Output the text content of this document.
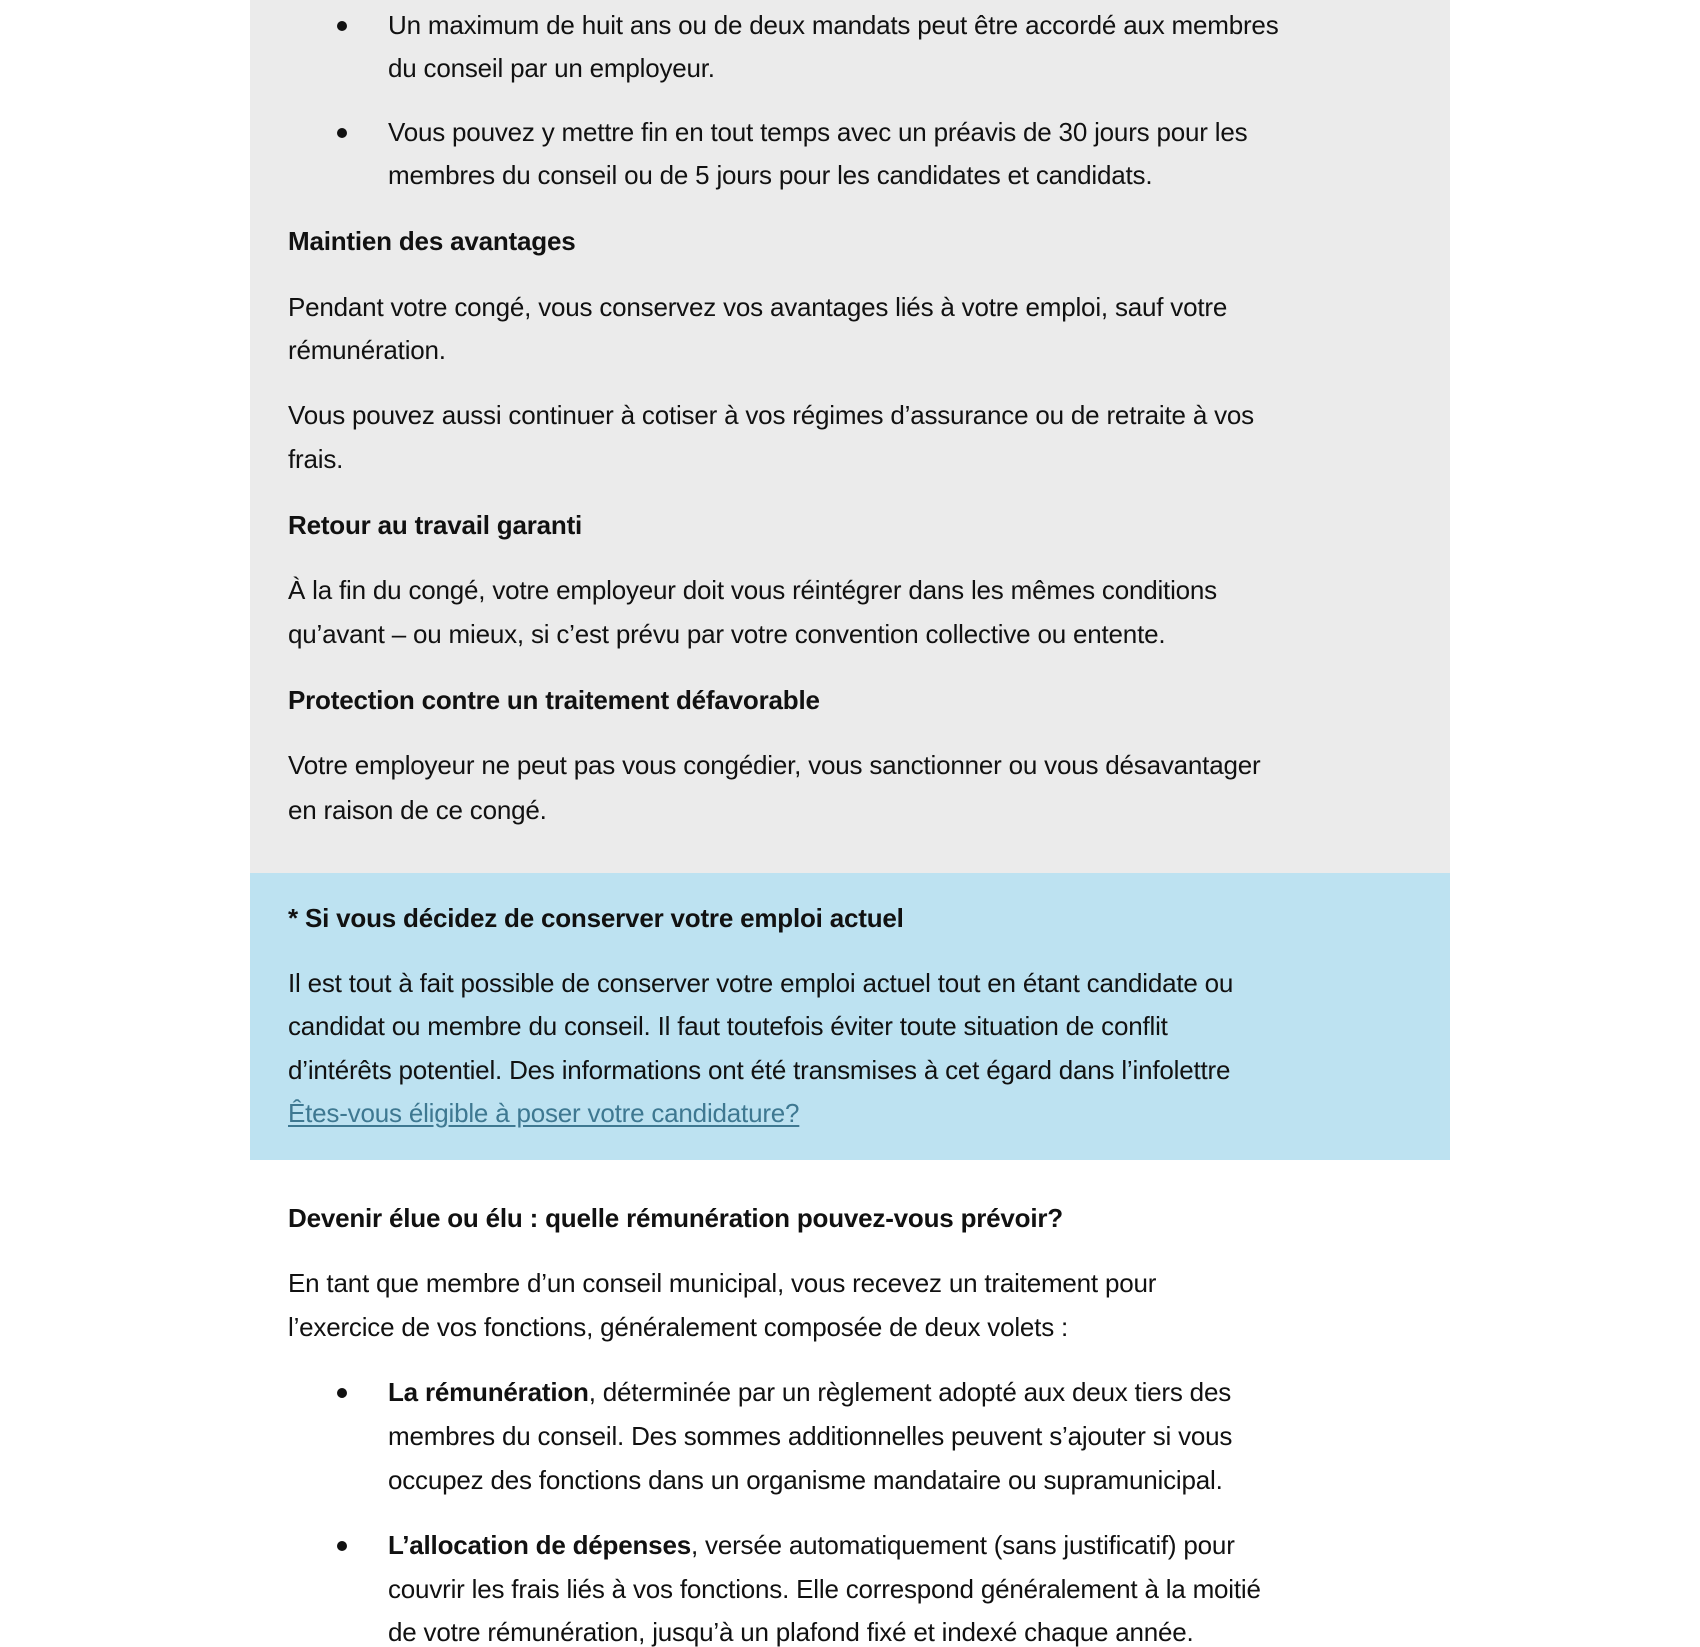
Un maximum de huit ans ou de deux mandats peut être accordé aux membres
du conseil par un employeur.
Vous pouvez y mettre fin en tout temps avec un préavis de 30 jours pour les
membres du conseil ou de 5 jours pour les candidates et candidats.
Maintien des avantages
Pendant votre congé, vous conservez vos avantages liés à votre emploi, sauf votre
rémunération.
Vous pouvez aussi continuer à cotiser à vos régimes d’assurance ou de retraite à vos
frais.
Retour au travail garanti
À la fin du congé, votre employeur doit vous réintégrer dans les mêmes conditions
qu’avant – ou mieux, si c’est prévu par votre convention collective ou entente.
Protection contre un traitement défavorable
Votre employeur ne peut pas vous congédier, vous sanctionner ou vous désavantager
en raison de ce congé.
* Si vous décidez de conserver votre emploi actuel
Il est tout à fait possible de conserver votre emploi actuel tout en étant candidate ou
candidat ou membre du conseil. Il faut toutefois éviter toute situation de conflit
d’intérêts potentiel. Des informations ont été transmises à cet égard dans l’infolettre
Êtes-vous éligible à poser votre candidature?
Devenir élue ou élu : quelle rémunération pouvez-vous prévoir?
En tant que membre d’un conseil municipal, vous recevez un traitement pour
l’exercice de vos fonctions, généralement composée de deux volets :
La rémunération, déterminée par un règlement adopté aux deux tiers des
membres du conseil. Des sommes additionnelles peuvent s’ajouter si vous
occupez des fonctions dans un organisme mandataire ou supramunicipal.
L’allocation de dépenses, versée automatiquement (sans justificatif) pour
couvrir les frais liés à vos fonctions. Elle correspond généralement à la moitié
de votre rémunération, jusqu’à un plafond fixé et indexé chaque année.
